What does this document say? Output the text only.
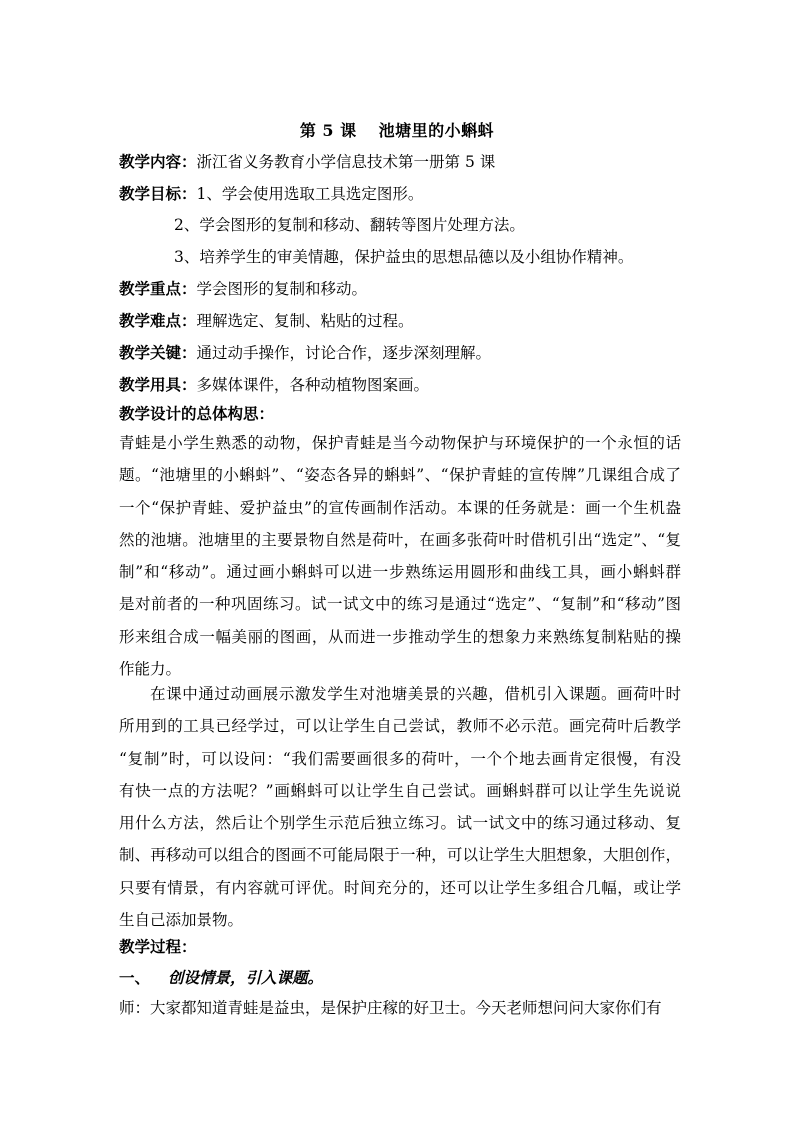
第 5 课 池塘里的小蝌蚪
教学内容：浙江省义务教育小学信息技术第一册第 5 课
教学目标：1、学会使用选取工具选定图形。
2、学会图形的复制和移动、翻转等图片处理方法。
3、培养学生的审美情趣，保护益虫的思想品德以及小组协作精神。
教学重点：学会图形的复制和移动。
教学难点：理解选定、复制、粘贴的过程。
教学关键：通过动手操作，讨论合作，逐步深刻理解。
教学用具：多媒体课件，各种动植物图案画。
教学设计的总体构思：
青蛙是小学生熟悉的动物，保护青蛙是当今动物保护与环境保护的一个永恒的话
题。“池塘里的小蝌蚪”、“姿态各异的蝌蚪”、“保护青蛙的宣传牌”几课组合成了
一个“保护青蛙、爱护益虫”的宣传画制作活动。本课的任务就是：画一个生机盎
然的池塘。池塘里的主要景物自然是荷叶，在画多张荷叶时借机引出“选定”、“复
制”和“移动”。通过画小蝌蚪可以进一步熟练运用圆形和曲线工具，画小蝌蚪群
是对前者的一种巩固练习。试一试文中的练习是通过“选定”、“复制”和“移动”图
形来组合成一幅美丽的图画，从而进一步推动学生的想象力来熟练复制粘贴的操
作能力。
在课中通过动画展示激发学生对池塘美景的兴趣，借机引入课题。画荷叶时
所用到的工具已经学过，可以让学生自己尝试，教师不必示范。画完荷叶后教学
“复制”时，可以设问：“我们需要画很多的荷叶，一个个地去画肯定很慢，有没
有快一点的方法呢？”画蝌蚪可以让学生自己尝试。画蝌蚪群可以让学生先说说
用什么方法，然后让个别学生示范后独立练习。试一试文中的练习通过移动、复
制、再移动可以组合的图画不可能局限于一种，可以让学生大胆想象，大胆创作，
只要有情景，有内容就可评优。时间充分的，还可以让学生多组合几幅，或让学
生自己添加景物。
教学过程：
一、 创设情景，引入课题。
师：大家都知道青蛙是益虫，是保护庄稼的好卫士。今天老师想问问大家你们有
